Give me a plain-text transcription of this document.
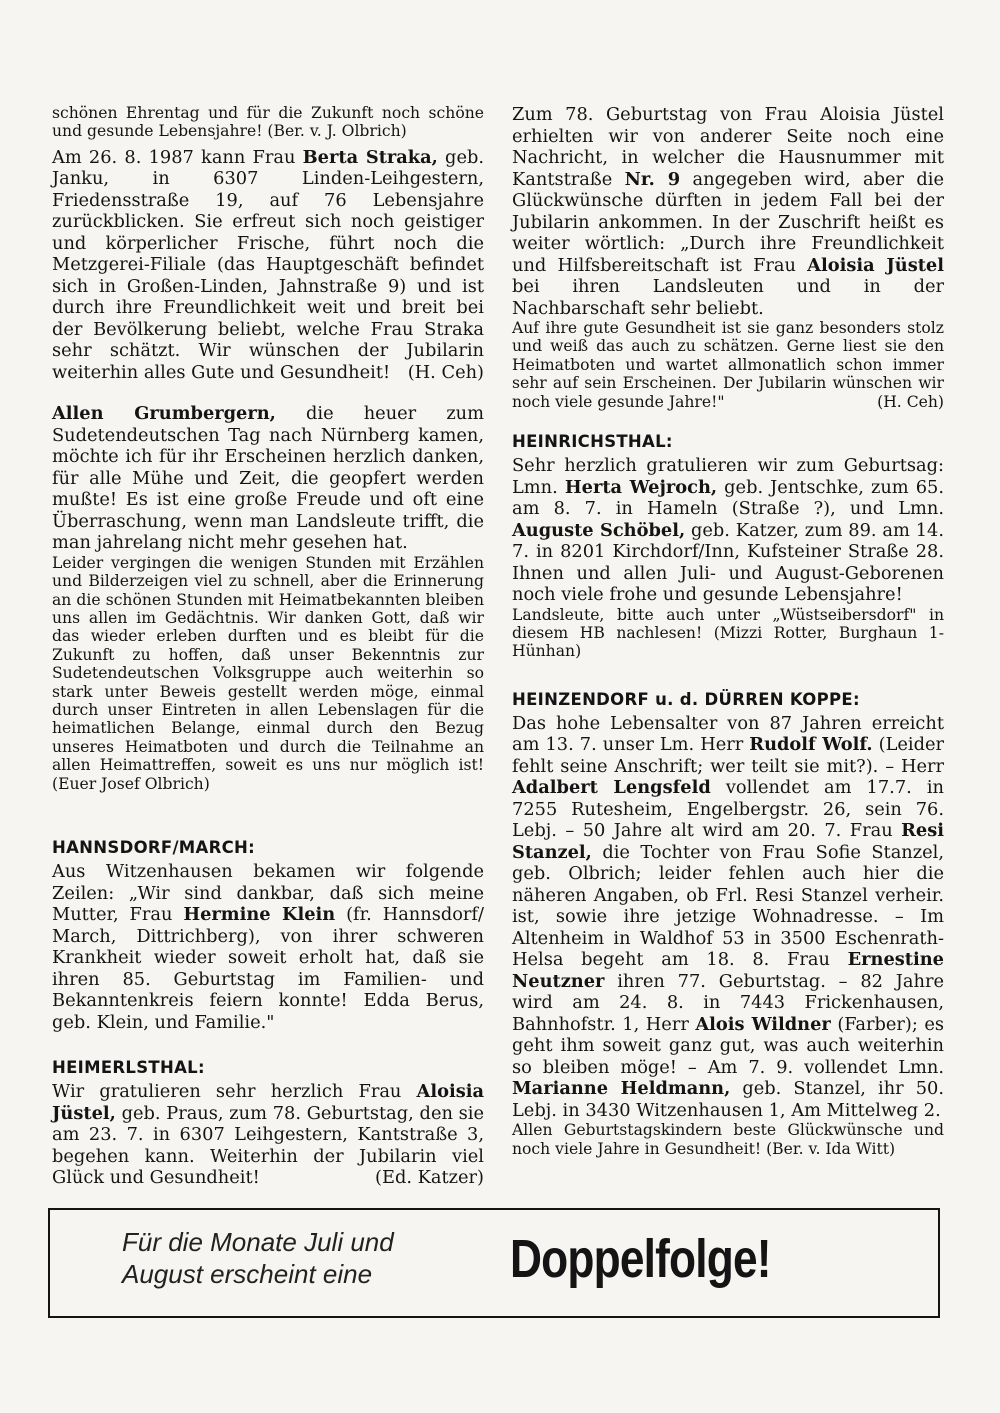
schönen Ehrentag und für die Zukunft noch schöne und gesunde Lebensjahre! (Ber. v. J. Olbrich)

Am 26. 8. 1987 kann Frau Berta Straka, geb. Janku, in 6307 Linden-Leihgestern, Friedensstraße 19, auf 76 Lebensjahre zurückblicken. Sie erfreut sich noch geistiger und körperlicher Frische, führt noch die Metzgerei-Filiale (das Hauptgeschäft befindet sich in Großen-Linden, Jahnstraße 9) und ist durch ihre Freundlichkeit weit und breit bei der Bevölkerung beliebt, welche Frau Straka sehr schätzt. Wir wünschen der Jubilarin weiterhin alles Gute und Gesundheit! (H. Ceh)

Allen Grumbergern, die heuer zum Sudetendeutschen Tag nach Nürnberg kamen, möchte ich für ihr Erscheinen herzlich danken, für alle Mühe und Zeit, die geopfert werden mußte! Es ist eine große Freude und oft eine Überraschung, wenn man Landsleute trifft, die man jahrelang nicht mehr gesehen hat.

Leider vergingen die wenigen Stunden mit Erzählen und Bilderzeigen viel zu schnell, aber die Erinnerung an die schönen Stunden mit Heimatbekannten bleiben uns allen im Gedächtnis. Wir danken Gott, daß wir das wieder erleben durften und es bleibt für die Zukunft zu hoffen, daß unser Bekenntnis zur Sudetendeutschen Volksgruppe auch weiterhin so stark unter Beweis gestellt werden möge, einmal durch unser Eintreten in allen Lebenslagen für die heimatlichen Belange, einmal durch den Bezug unseres Heimatboten und durch die Teilnahme an allen Heimattreffen, soweit es uns nur möglich ist! (Euer Josef Olbrich)

HANNSDORF/MARCH:

Aus Witzenhausen bekamen wir folgende Zeilen: „Wir sind dankbar, daß sich meine Mutter, Frau Hermine Klein (fr. Hannsdorf/ March, Dittrichberg), von ihrer schweren Krankheit wieder soweit erholt hat, daß sie ihren 85. Geburtstag im Familien- und Bekanntenkreis feiern konnte! Edda Berus, geb. Klein, und Familie."

HEIMERLSTHAL:

Wir gratulieren sehr herzlich Frau Aloisia Jüstel, geb. Praus, zum 78. Geburtstag, den sie am 23. 7. in 6307 Leihgestern, Kantstraße 3, begehen kann. Weiterhin der Jubilarin viel Glück und Gesundheit!	(Ed. Katzer)

Zum 78. Geburtstag von Frau Aloisia Jüstel erhielten wir von anderer Seite noch eine Nachricht, in welcher die Hausnummer mit Kantstraße Nr. 9 angegeben wird, aber die Glückwünsche dürften in jedem Fall bei der Jubilarin ankommen. In der Zuschrift heißt es weiter wörtlich: „Durch ihre Freundlichkeit und Hilfsbereitschaft ist Frau Aloisia Jüstel bei ihren Landsleuten und in der Nachbarschaft sehr beliebt.

Auf ihre gute Gesundheit ist sie ganz besonders stolz und weiß das auch zu schätzen. Gerne liest sie den Heimatboten und wartet allmonatlich schon immer sehr auf sein Erscheinen. Der Jubilarin wünschen wir noch viele gesunde Jahre!"	(H. Ceh)

HEINRICHSTHAL:

Sehr herzlich gratulieren wir zum Geburtsag: Lmn. Herta Wejroch, geb. Jentschke, zum 65. am 8. 7. in Hameln (Straße ?), und Lmn. Auguste Schöbel, geb. Katzer, zum 89. am 14. 7. in 8201 Kirchdorf/Inn, Kufsteiner Straße 28. Ihnen und allen Juli- und August-Geborenen noch viele frohe und gesunde Lebensjahre!

Landsleute, bitte auch unter „Wüstseibersdorf" in diesem HB nachlesen! (Mizzi Rotter, Burghaun 1-Hünhan)

HEINZENDORF u. d. DÜRREN KOPPE:

Das hohe Lebensalter von 87 Jahren erreicht am 13. 7. unser Lm. Herr Rudolf Wolf. (Leider fehlt seine Anschrift; wer teilt sie mit?). – Herr Adalbert Lengsfeld vollendet am 17.7. in 7255 Rutesheim, Engelbergstr. 26, sein 76. Lebj. – 50 Jahre alt wird am 20. 7. Frau Resi Stanzel, die Tochter von Frau Sofie Stanzel, geb. Olbrich; leider fehlen auch hier die näheren Angaben, ob Frl. Resi Stanzel verheir. ist, sowie ihre jetzige Wohnadresse. – Im Altenheim in Waldhof 53 in 3500 Eschenrath-Helsa begeht am 18. 8. Frau Ernestine Neutzner ihren 77. Geburtstag. – 82 Jahre wird am 24. 8. in 7443 Frickenhausen, Bahnhofstr. 1, Herr Alois Wildner (Farber); es geht ihm soweit ganz gut, was auch weiterhin so bleiben möge! – Am 7. 9. vollendet Lmn. Marianne Heldmann, geb. Stanzel, ihr 50. Lebj. in 3430 Witzenhausen 1, Am Mittelweg 2.

Allen Geburtstagskindern beste Glückwünsche und noch viele Jahre in Gesundheit! (Ber. v. Ida Witt)

Für die Monate Juli und August erscheint eine	Doppelfolge!
